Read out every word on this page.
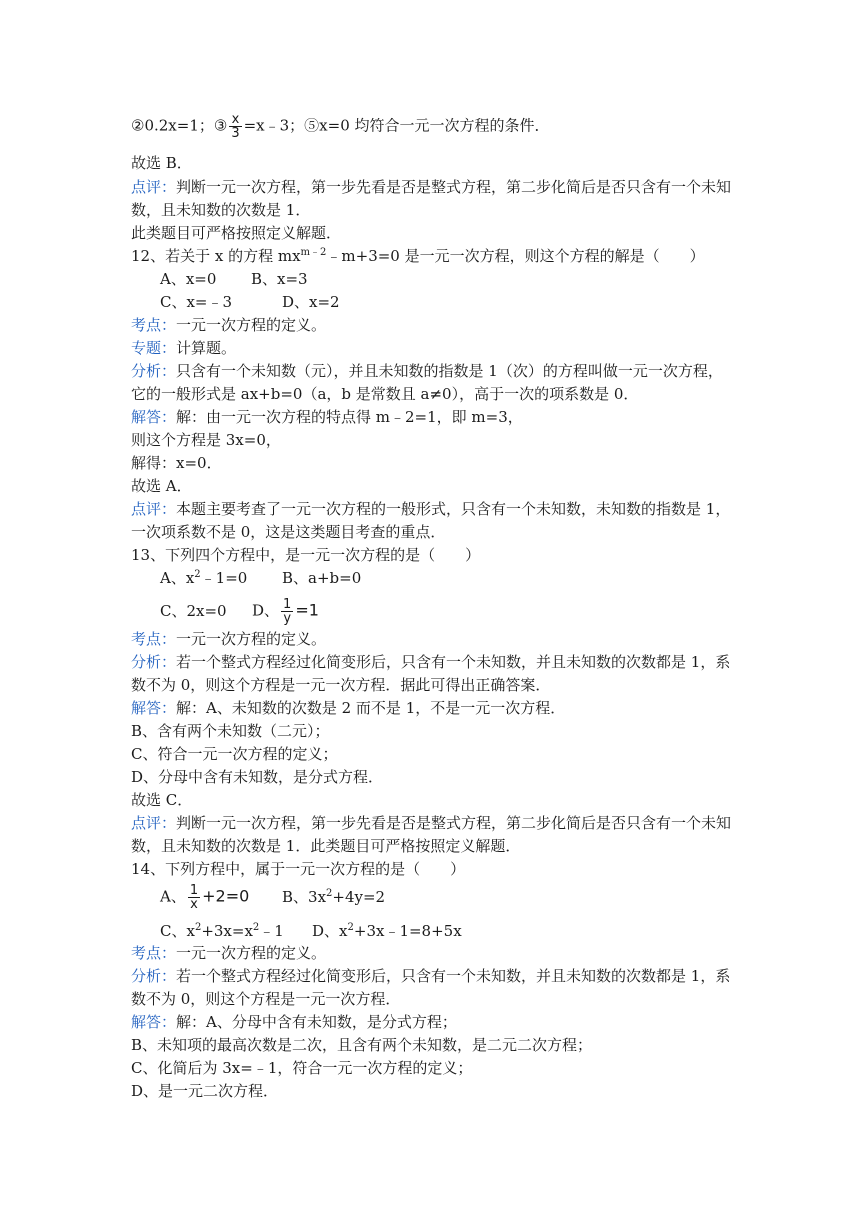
②0.2x=1；③ $\frac{x}{3}$ =x﹣3；⑤x=0 均符合一元一次方程的条件．
故选 B．
点评：判断一元一次方程，第一步先看是否是整式方程，第二步化简后是否只含有一个未知
数，且未知数的次数是 1．
此类题目可严格按照定义解题．
12、若关于 x 的方程 $mx^{m﹣2}﹣m+3=0$ 是一元一次方程，则这个方程的解是（　　）
A、x=0 B、x=3
C、x=﹣3	D、x=2
考点：一元一次方程的定义。
专题：计算题。
分析：只含有一个未知数（元），并且未知数的指数是 1（次）的方程叫做一元一次方程，
它的一般形式是 ax+b=0（a，b 是常数且 a≠0），高于一次的项系数是 0．
解答：解：由一元一次方程的特点得 m﹣2=1，即 m=3，
则这个方程是 3x=0，
解得：x=0．
故选 A．
点评：本题主要考查了一元一次方程的一般形式，只含有一个未知数，未知数的指数是 1，
一次项系数不是 0，这是这类题目考查的重点．
13、下列四个方程中，是一元一次方程的是（　　）
A、$x^2﹣1=0$ B、a+b=0
C、2x=0 D、 $\frac{1}{y} =1$
考点：一元一次方程的定义。
分析：若一个整式方程经过化简变形后，只含有一个未知数，并且未知数的次数都是 1，系
数不为 0，则这个方程是一元一次方程．据此可得出正确答案．
解答：解：A、未知数的次数是 2 而不是 1，不是一元一次方程．
B、含有两个未知数（二元）；
C、符合一元一次方程的定义；
D、分母中含有未知数，是分式方程．
故选 C．
点评：判断一元一次方程，第一步先看是否是整式方程，第二步化简后是否只含有一个未知
数，且未知数的次数是 1．此类题目可严格按照定义解题．
14、下列方程中，属于一元一次方程的是（　　）
A、 $\frac{1}{x} +2=0$ B、$3x^2+4y=2$
C、$x^2+3x=x^2﹣1$ D、$x^2+3x﹣1=8+5x$
考点：一元一次方程的定义。
分析：若一个整式方程经过化简变形后，只含有一个未知数，并且未知数的次数都是 1，系
数不为 0，则这个方程是一元一次方程．
解答：解：A、分母中含有未知数，是分式方程；
B、未知项的最高次数是二次，且含有两个未知数，是二元二次方程；
C、化简后为 3x=﹣1，符合一元一次方程的定义；
D、是一元二次方程．
